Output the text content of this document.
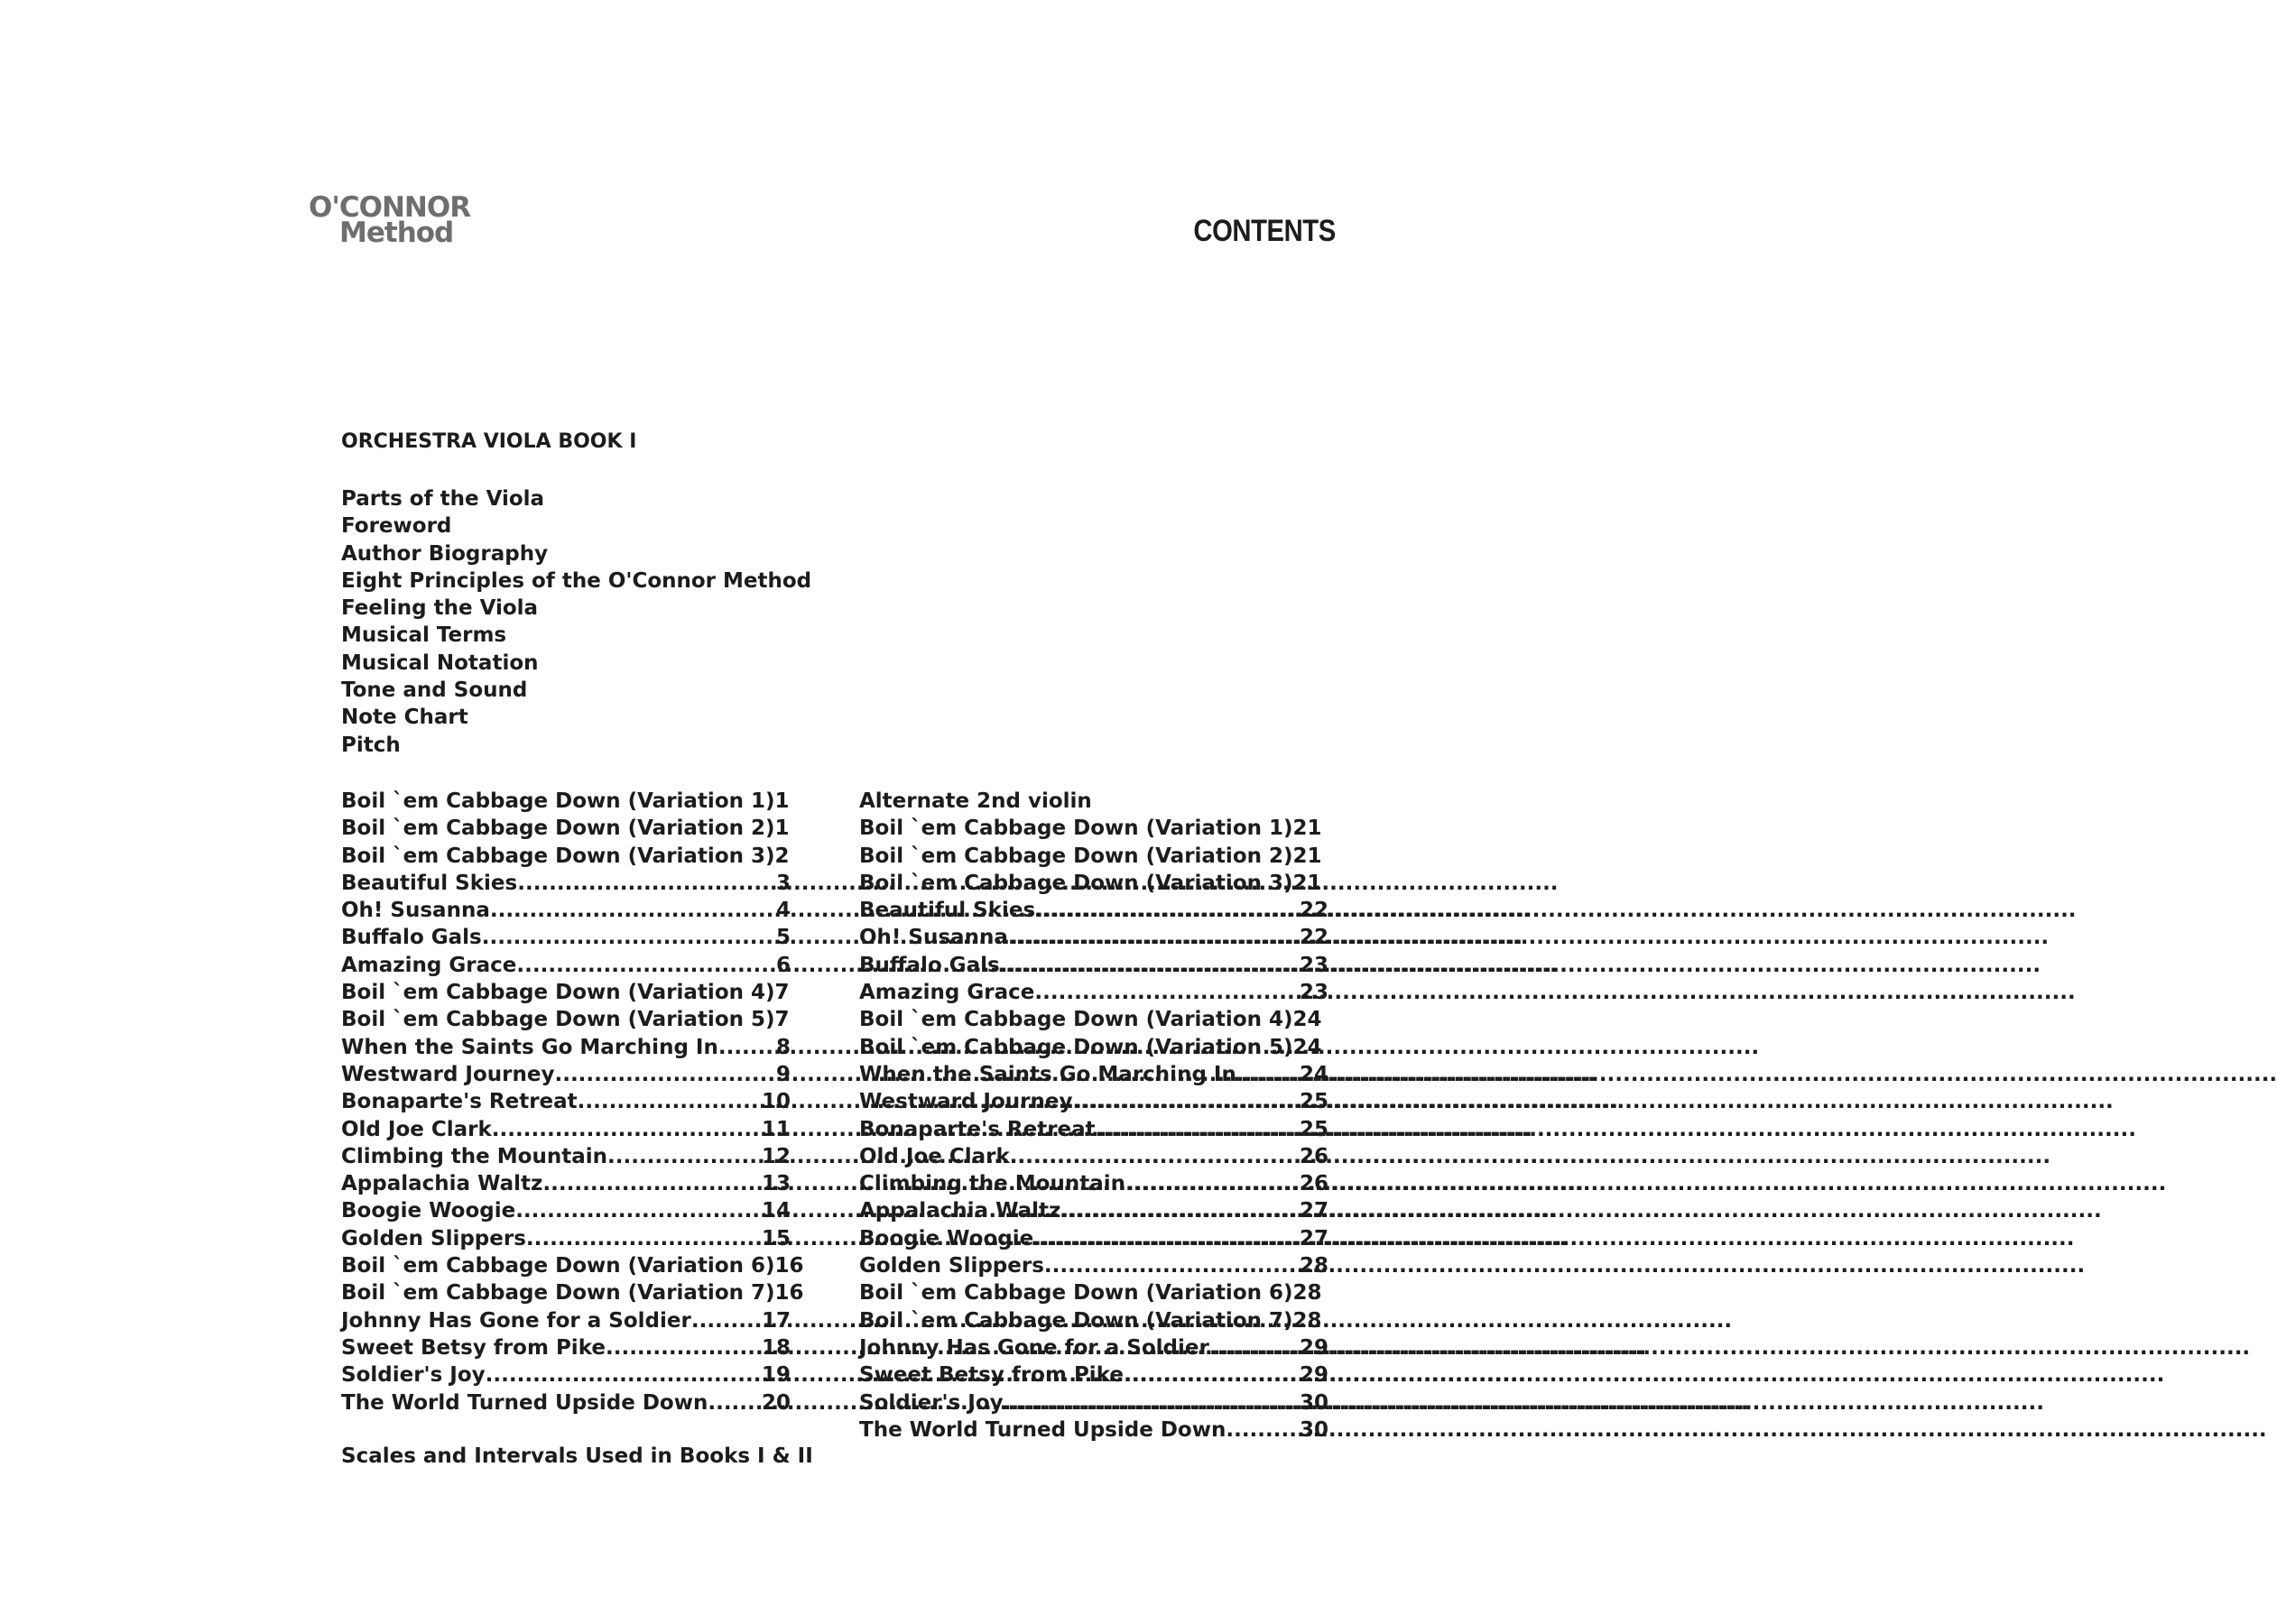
O'CONNOR
Method	CONTENTS
ORCHESTRA VIOLA BOOK I
Parts of the Viola
Foreword
Author Biography
Eight Principles of the O'Connor Method
Feeling the Viola
Musical Terms
Musical Notation
Tone and Sound
Note Chart
Pitch
Boil `em Cabbage Down (Variation 1) 1
Boil `em Cabbage Down (Variation 2) 1
Boil `em Cabbage Down (Variation 3) 2
Beautiful Skies .....	3
Oh! Susanna .....	4
Buffalo Gals .....	5
Amazing Grace .....	6
Boil `em Cabbage Down (Variation 4) 7
Boil `em Cabbage Down (Variation 5) 7
When the Saints Go Marching In .....	8
Westward Journey .....	9
Bonaparte's Retreat .....	10
Old Joe Clark .....	11
Climbing the Mountain .....	12
Appalachia Waltz .....	13
Boogie Woogie .....	14
Golden Slippers .....	15
Boil `em Cabbage Down (Variation 6) 16
Boil `em Cabbage Down (Variation 7) 16
Johnny Has Gone for a Soldier .....	17
Sweet Betsy from Pike .....	18
Soldier's Joy .....	19
The World Turned Upside Down .....	20
Alternate 2nd violin
Boil `em Cabbage Down (Variation 1) 21
Boil `em Cabbage Down (Variation 2) 21
Boil `em Cabbage Down (Variation 3) 21
Beautiful Skies .....	22
Oh! Susanna .....	22
Buffalo Gals .....	23
Amazing Grace .....	23
Boil `em Cabbage Down (Variation 4) 24
Boil `em Cabbage Down (Variation 5) 24
When the Saints Go Marching In .....	24
Westward Journey .....	25
Bonaparte's Retreat .....	25
Old Joe Clark .....	26
Climbing the Mountain .....	26
Appalachia Waltz .....	27
Boogie Woogie .....	27
Golden Slippers .....	28
Boil `em Cabbage Down (Variation 6) 28
Boil `em Cabbage Down (Variation 7) 28
Johnny Has Gone for a Soldier .....	29
Sweet Betsy from Pike .....	29
Soldier's Joy .....	30
The World Turned Upside Down .....	30
Scales and Intervals Used in Books I & II
